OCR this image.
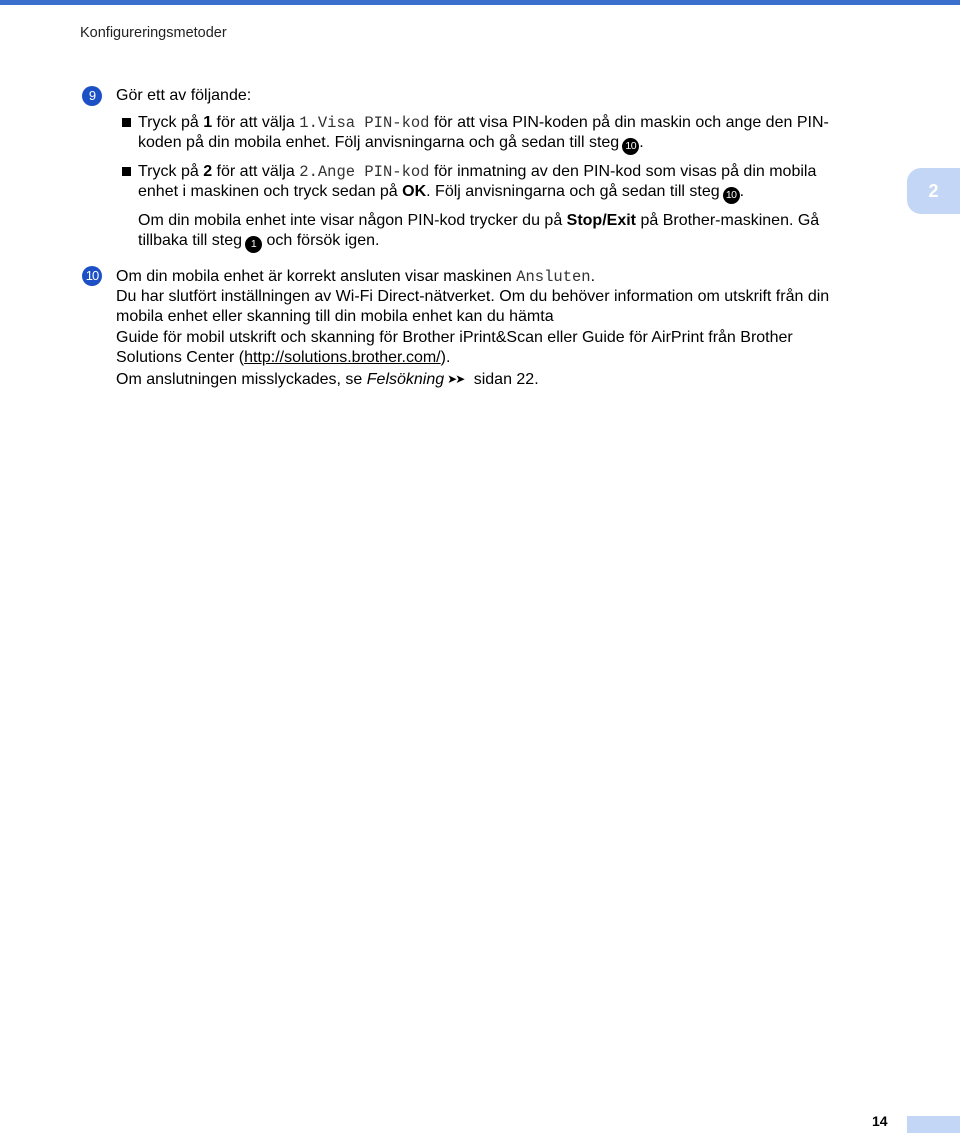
Konfigureringsmetoder
2
9	Gör ett av följande:
Tryck på 1 för att välja 1.Visa PIN-kod för att visa PIN-koden på din maskin och ange den PIN-
koden på din mobila enhet. Följ anvisningarna och gå sedan till steg 10 .
Tryck på 2 för att välja 2.Ange PIN-kod för inmatning av den PIN-kod som visas på din mobila
enhet i maskinen och tryck sedan på OK. Följ anvisningarna och gå sedan till steg 10 .
Om din mobila enhet inte visar någon PIN-kod trycker du på Stop/Exit på Brother-maskinen. Gå
tillbaka till steg 1 och försök igen.
10 Om din mobila enhet är korrekt ansluten visar maskinen Ansluten.
Du har slutfört inställningen av Wi-Fi Direct-nätverket. Om du behöver information om utskrift från din
mobila enhet eller skanning till din mobila enhet kan du hämta
Guide för mobil utskrift och skanning för Brother iPrint&Scan eller Guide för AirPrint från Brother
Solutions Center (http://solutions.brother.com/).
Om anslutningen misslyckades, se Felsökning ➤➤ sidan 22.
14
